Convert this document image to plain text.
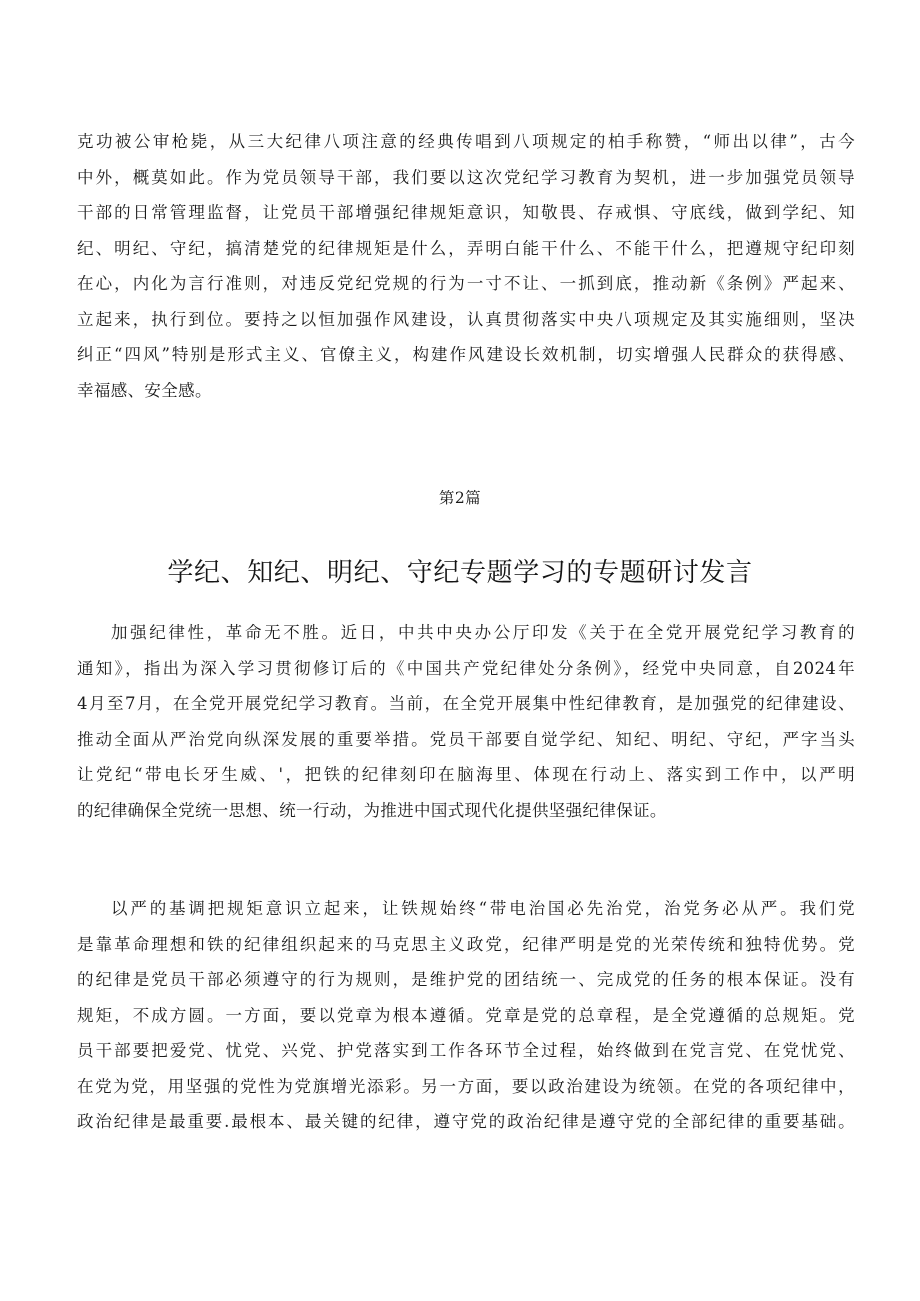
克功被公审枪毙，从三大纪律八项注意的经典传唱到八项规定的柏手称赞，“师出以律”，古今
中外，概莫如此。作为党员领导干部，我们要以这次党纪学习教育为契机，进一步加强党员领导
干部的日常管理监督，让党员干部增强纪律规矩意识，知敬畏、存戒惧、守底线，做到学纪、知
纪、明纪、守纪，搞清楚党的纪律规矩是什么，弄明白能干什么、不能干什么，把遵规守纪印刻
在心，内化为言行准则，对违反党纪党规的行为一寸不让、一抓到底，推动新《条例》严起来、
立起来，执行到位。要持之以恒加强作风建设，认真贯彻落实中央八项规定及其实施细则，坚决
纠正“四风”特别是形式主义、官僚主义，构建作风建设长效机制，切实增强人民群众的获得感、
幸福感、安全感。
第2篇
学纪、知纪、明纪、守纪专题学习的专题研讨发言
加强纪律性，革命无不胜。近日，中共中央办公厅印发《关于在全党开展党纪学习教育的
通知》，指出为深入学习贯彻修订后的《中国共产党纪律处分条例》，经党中央同意，自2024年
4月至7月，在全党开展党纪学习教育。当前，在全党开展集中性纪律教育，是加强党的纪律建设、
推动全面从严治党向纵深发展的重要举措。党员干部要自觉学纪、知纪、明纪、守纪，严字当头
让党纪“带电长牙生威、'，把铁的纪律刻印在脑海里、体现在行动上、落实到工作中，以严明
的纪律确保全党统一思想、统一行动，为推进中国式现代化提供坚强纪律保证。
以严的基调把规矩意识立起来，让铁规始终“带电治国必先治党，治党务必从严。我们党
是靠革命理想和铁的纪律组织起来的马克思主义政党，纪律严明是党的光荣传统和独特优势。党
的纪律是党员干部必须遵守的行为规则，是维护党的团结统一、完成党的任务的根本保证。没有
规矩，不成方圆。一方面，要以党章为根本遵循。党章是党的总章程，是全党遵循的总规矩。党
员干部要把爱党、忧党、兴党、护党落实到工作各环节全过程，始终做到在党言党、在党忧党、
在党为党，用坚强的党性为党旗增光添彩。另一方面，要以政治建设为统领。在党的各项纪律中，
政治纪律是最重要.最根本、最关键的纪律，遵守党的政治纪律是遵守党的全部纪律的重要基础。
